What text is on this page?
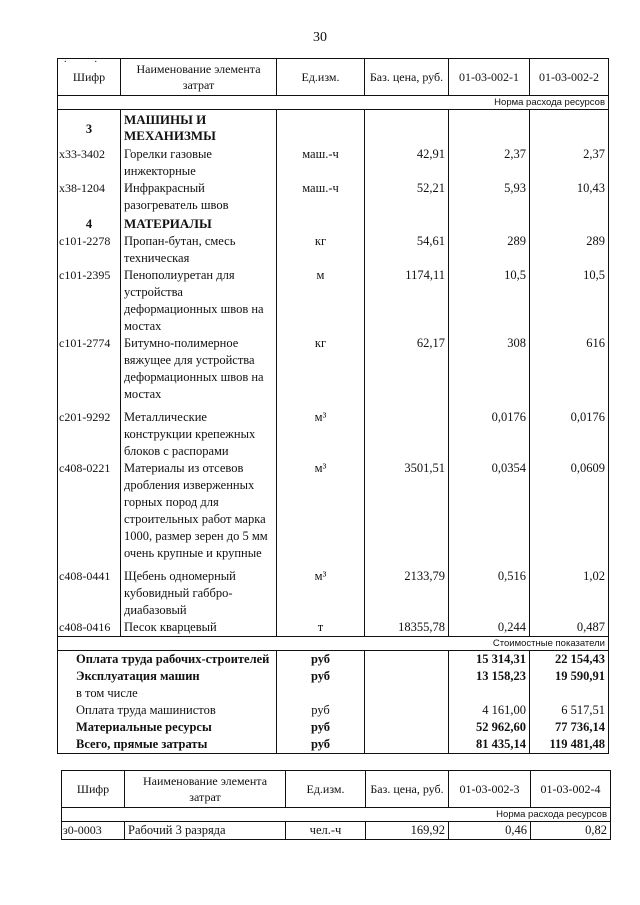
30
..
Шифр	Наименование элемента затрат	Ед.изм.	Баз. цена, руб.	01-03-002-1	01-03-002-2
Норма расхода ресурсов					
3	МАШИНЫ И МЕХАНИЗМЫ				
х33-3402	Горелки газовые инжекторные	маш.-ч	42,91	2,37	2,37
х38-1204	Инфракрасный разогреватель швов	маш.-ч	52,21	5,93	10,43
4	МАТЕРИАЛЫ				
с101-2278	Пропан-бутан, смесь техническая	кг	54,61	289	289
с101-2395	Пенополиуретан для устройства деформационных швов на мостах	м	1174,11	10,5	10,5
с101-2774	Битумно-полимерное вяжущее для устройства деформационных швов на мостах	кг	62,17	308	616
с201-9292	Металлические конструкции крепежных блоков с распорами	м³		0,0176	0,0176
с408-0221	Материалы из отсевов дробления изверженных горных пород для строительных работ марка 1000, размер зерен до 5 мм очень крупные и крупные	м³	3501,51	0,0354	0,0609
с408-0441	Щебень одномерный кубовидный габбро-диабазовый	м³	2133,79	0,516	1,02
с408-0416	Песок кварцевый	т	18355,78	0,244	0,487
Стоимостные показатели					
Оплата труда рабочих-строителей		руб		15 314,31	22 154,43
Эксплуатация машин		руб		13 158,23	19 590,91
в том числе					
Оплата труда машинистов		руб		4 161,00	6 517,51
Материальные ресурсы		руб		52 962,60	77 736,14
Всего, прямые затраты		руб		81 435,14	119 481,48
Шифр	Наименование элемента затрат	Ед.изм.	Баз. цена, руб.	01-03-002-3	01-03-002-4
Норма расхода ресурсов					
з0-0003	Рабочий 3 разряда	чел.-ч	169,92	0,46	0,82
